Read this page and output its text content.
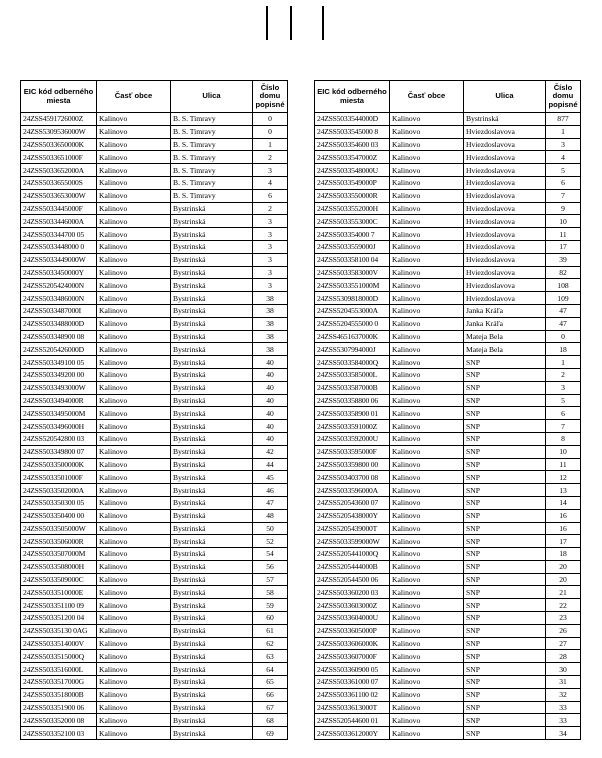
EIC kód odberného miesta	Časť obce	Ulica	Číslo domu popisné
24ZSS4591726000Z	Kalinovo	B. S. Timravy	0
24ZSS5309536000W	Kalinovo	B. S. Timravy	0
24ZSS5033650000K	Kalinovo	B. S. Timravy	1
24ZSS5033651000F	Kalinovo	B. S. Timravy	2
24ZSS5033652000A	Kalinovo	B. S. Timravy	3
24ZSS5033655000S	Kalinovo	B. S. Timravy	4
24ZSS5033653000W	Kalinovo	B. S. Timravy	6
24ZSS5033445000F	Kalinovo	Bystrinská	2
24ZSS5033446000A	Kalinovo	Bystrinská	3
24ZSS503344700 05	Kalinovo	Bystrinská	3
24ZSS5033448000 0	Kalinovo	Bystrinská	3
24ZSS5033449000W	Kalinovo	Bystrinská	3
24ZSS5033450000Y	Kalinovo	Bystrinská	3
24ZSS5205424000N	Kalinovo	Bystrinská	3
24ZSS5033486000N	Kalinovo	Bystrinská	38
24ZSS5033487000I	Kalinovo	Bystrinská	38
24ZSS5033488000D	Kalinovo	Bystrinská	38
24ZSS503348900 08	Kalinovo	Bystrinská	38
24ZSS5205426000D	Kalinovo	Bystrinská	38
24ZSS503349100 05	Kalinovo	Bystrinská	40
24ZSS503349200 00	Kalinovo	Bystrinská	40
24ZSS5033493000W	Kalinovo	Bystrinská	40
24ZSS5033494000R	Kalinovo	Bystrinská	40
24ZSS5033495000M	Kalinovo	Bystrinská	40
24ZSS5033496000H	Kalinovo	Bystrinská	40
24ZSS520542800 03	Kalinovo	Bystrinská	40
24ZSS503349800 07	Kalinovo	Bystrinská	42
24ZSS5033500000K	Kalinovo	Bystrinská	44
24ZSS5033501000F	Kalinovo	Bystrinská	45
24ZSS5033502000A	Kalinovo	Bystrinská	46
24ZSS503350300 05	Kalinovo	Bystrinská	47
24ZSS503350400 00	Kalinovo	Bystrinská	48
24ZSS5033505000W	Kalinovo	Bystrinská	50
24ZSS5033506000R	Kalinovo	Bystrinská	52
24ZSS5033507000M	Kalinovo	Bystrinská	54
24ZSS5033508000H	Kalinovo	Bystrinská	56
24ZSS5033509000C	Kalinovo	Bystrinská	57
24ZSS5033510000E	Kalinovo	Bystrinská	58
24ZSS503351100 09	Kalinovo	Bystrinská	59
24ZSS503351200 04	Kalinovo	Bystrinská	60
24ZSS50335130 0AG	Kalinovo	Bystrinská	61
24ZSS5033514000V	Kalinovo	Bystrinská	62
24ZSS5033515000Q	Kalinovo	Bystrinská	63
24ZSS5033516000L	Kalinovo	Bystrinská	64
24ZSS5033517000G	Kalinovo	Bystrinská	65
24ZSS5033518000B	Kalinovo	Bystrinská	66
24ZSS503351900 06	Kalinovo	Bystrinská	67
24ZSS503352000 08	Kalinovo	Bystrinská	68
24ZSS503352100 03	Kalinovo	Bystrinská	69
EIC kód odberného miesta	Časť obce	Ulica	Číslo domu popisné
24ZSS5033544000D	Kalinovo	Bystrinská	877
24ZSS5033545000 8	Kalinovo	Hviezdoslavova	1
24ZSS503354600 03	Kalinovo	Hviezdoslavova	3
24ZSS5033547000Z	Kalinovo	Hviezdoslavova	4
24ZSS5033548000U	Kalinovo	Hviezdoslavova	5
24ZSS5033549000P	Kalinovo	Hviezdoslavova	6
24ZSS5033550000R	Kalinovo	Hviezdoslavova	7
24ZSS5033552000H	Kalinovo	Hviezdoslavova	9
24ZSS5033553000C	Kalinovo	Hviezdoslavova	10
24ZSS503354000 7	Kalinovo	Hviezdoslavova	11
24ZSS5033559000J	Kalinovo	Hviezdoslavova	17
24ZSS503358100 04	Kalinovo	Hviezdoslavova	39
24ZSS5033583000V	Kalinovo	Hviezdoslavova	82
24ZSS5033551000M	Kalinovo	Hviezdoslavova	108
24ZSS5309818000D	Kalinovo	Hviezdoslavova	109
24ZSS5204553000A	Kalinovo	Janka Kráľa	47
24ZSS5204555000 0	Kalinovo	Janka Kráľa	47
24ZSS4651637000K	Kalinovo	Mateja Bela	0
24ZSS5307994000J	Kalinovo	Mateja Bela	18
24ZSS5033584000Q	Kalinovo	SNP	1
24ZSS5033585000L	Kalinovo	SNP	2
24ZSS5033587000B	Kalinovo	SNP	3
24ZSS503358800 06	Kalinovo	SNP	5
24ZSS503358900 01	Kalinovo	SNP	6
24ZSS5033591000Z	Kalinovo	SNP	7
24ZSS5033592000U	Kalinovo	SNP	8
24ZSS5033595000F	Kalinovo	SNP	10
24ZSS503359800 00	Kalinovo	SNP	11
24ZSS503403700 08	Kalinovo	SNP	12
24ZSS5033596000A	Kalinovo	SNP	13
24ZSS520543600 07	Kalinovo	SNP	14
24ZSS5205438000Y	Kalinovo	SNP	16
24ZSS5205439000T	Kalinovo	SNP	16
24ZSS5033599000W	Kalinovo	SNP	17
24ZSS5205441000Q	Kalinovo	SNP	18
24ZSS5205444000B	Kalinovo	SNP	20
24ZSS520544500 06	Kalinovo	SNP	20
24ZSS503360200 03	Kalinovo	SNP	21
24ZSS5033603000Z	Kalinovo	SNP	22
24ZSS5033604000U	Kalinovo	SNP	23
24ZSS5033605000P	Kalinovo	SNP	26
24ZSS5033606000K	Kalinovo	SNP	27
24ZSS5033607000F	Kalinovo	SNP	28
24ZSS503360900 05	Kalinovo	SNP	30
24ZSS503361000 07	Kalinovo	SNP	31
24ZSS503361100 02	Kalinovo	SNP	32
24ZSS5033613000T	Kalinovo	SNP	33
24ZSS520544600 01	Kalinovo	SNP	33
24ZSS5033612000Y	Kalinovo	SNP	34
